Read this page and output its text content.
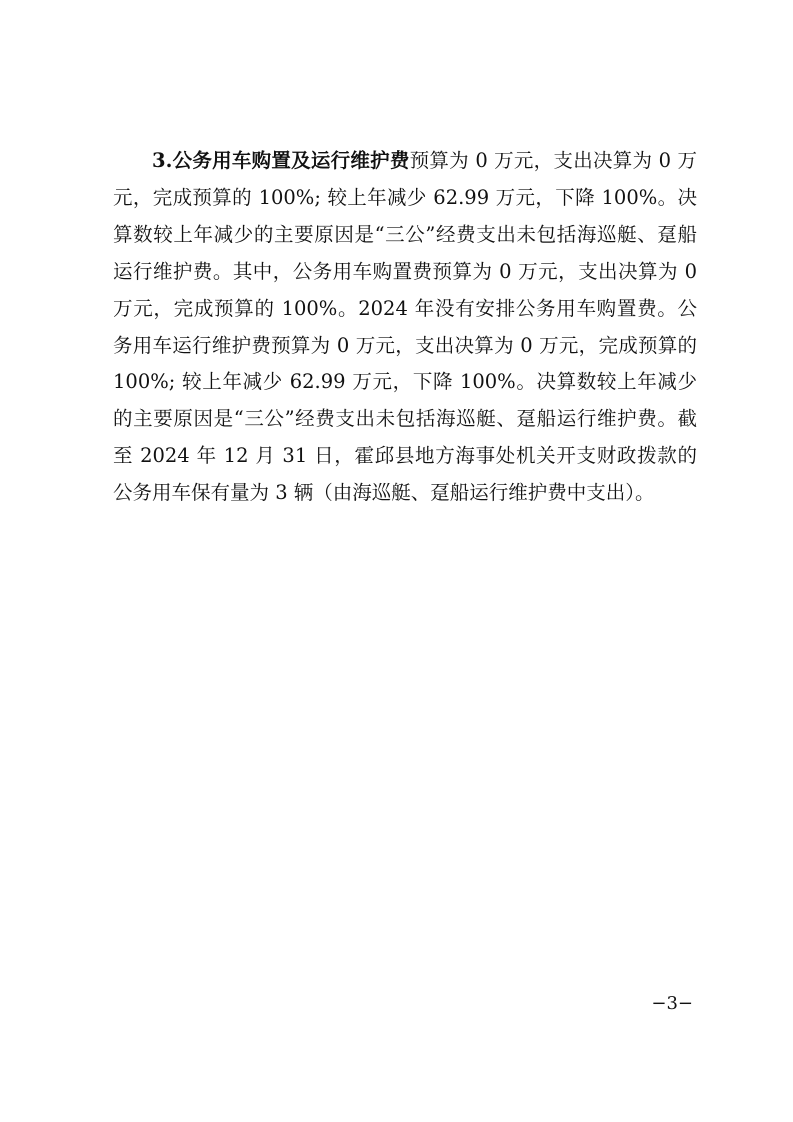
3.公务用车购置及运行维护费预算为 0 万元，支出决算为 0 万元，完成预算的 100%; 较上年减少 62.99 万元，下降 100%。决算数较上年减少的主要原因是“三公”经费支出未包括海巡艇、趸船运行维护费。其中，公务用车购置费预算为 0 万元，支出决算为 0 万元，完成预算的 100%。2024 年没有安排公务用车购置费。公务用车运行维护费预算为 0 万元，支出决算为 0 万元，完成预算的 100%; 较上年减少 62.99 万元，下降 100%。决算数较上年减少的主要原因是“三公”经费支出未包括海巡艇、趸船运行维护费。截至 2024 年 12 月 31 日，霍邱县地方海事处机关开支财政拨款的公务用车保有量为 3 辆（由海巡艇、趸船运行维护费中支出）。

−3−
